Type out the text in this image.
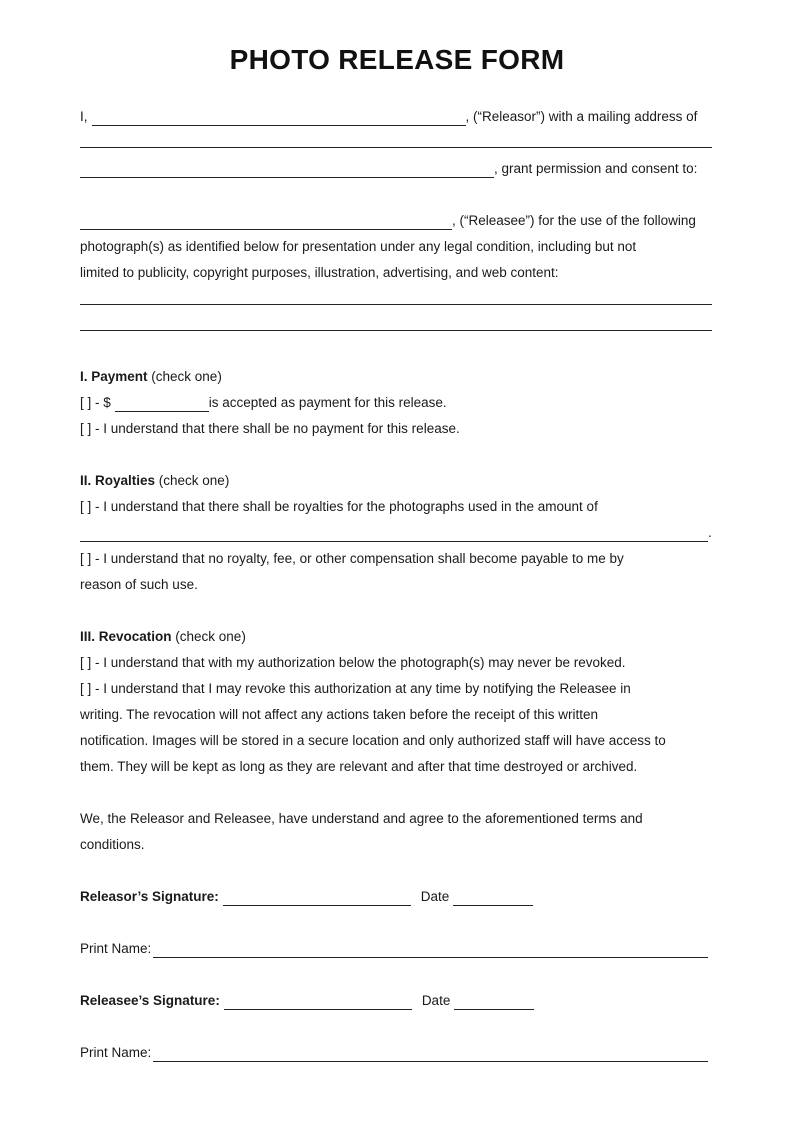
PHOTO RELEASE FORM
I,	, (“Releasor”) with a mailing address of
, grant permission and consent to:
, (“Releasee”) for the use of the following
photograph(s) as identified below for presentation under any legal condition, including but not
limited to publicity, copyright purposes, illustration, advertising, and web content:
I. Payment (check one)
[ ] - $	is accepted as payment for this release.
[ ] - I understand that there shall be no payment for this release.
II. Royalties (check one)
[ ] - I understand that there shall be royalties for the photographs used in the amount of
.
[ ] - I understand that no royalty, fee, or other compensation shall become payable to me by
reason of such use.
III. Revocation (check one)
[ ] - I understand that with my authorization below the photograph(s) may never be revoked.
[ ] - I understand that I may revoke this authorization at any time by notifying the Releasee in
writing. The revocation will not affect any actions taken before the receipt of this written
notification. Images will be stored in a secure location and only authorized staff will have access to
them. They will be kept as long as they are relevant and after that time destroyed or archived.
We, the Releasor and Releasee, have understand and agree to the aforementioned terms and
conditions.
Releasor’s Signature:	Date
Print Name:
Releasee’s Signature:	Date
Print Name:
